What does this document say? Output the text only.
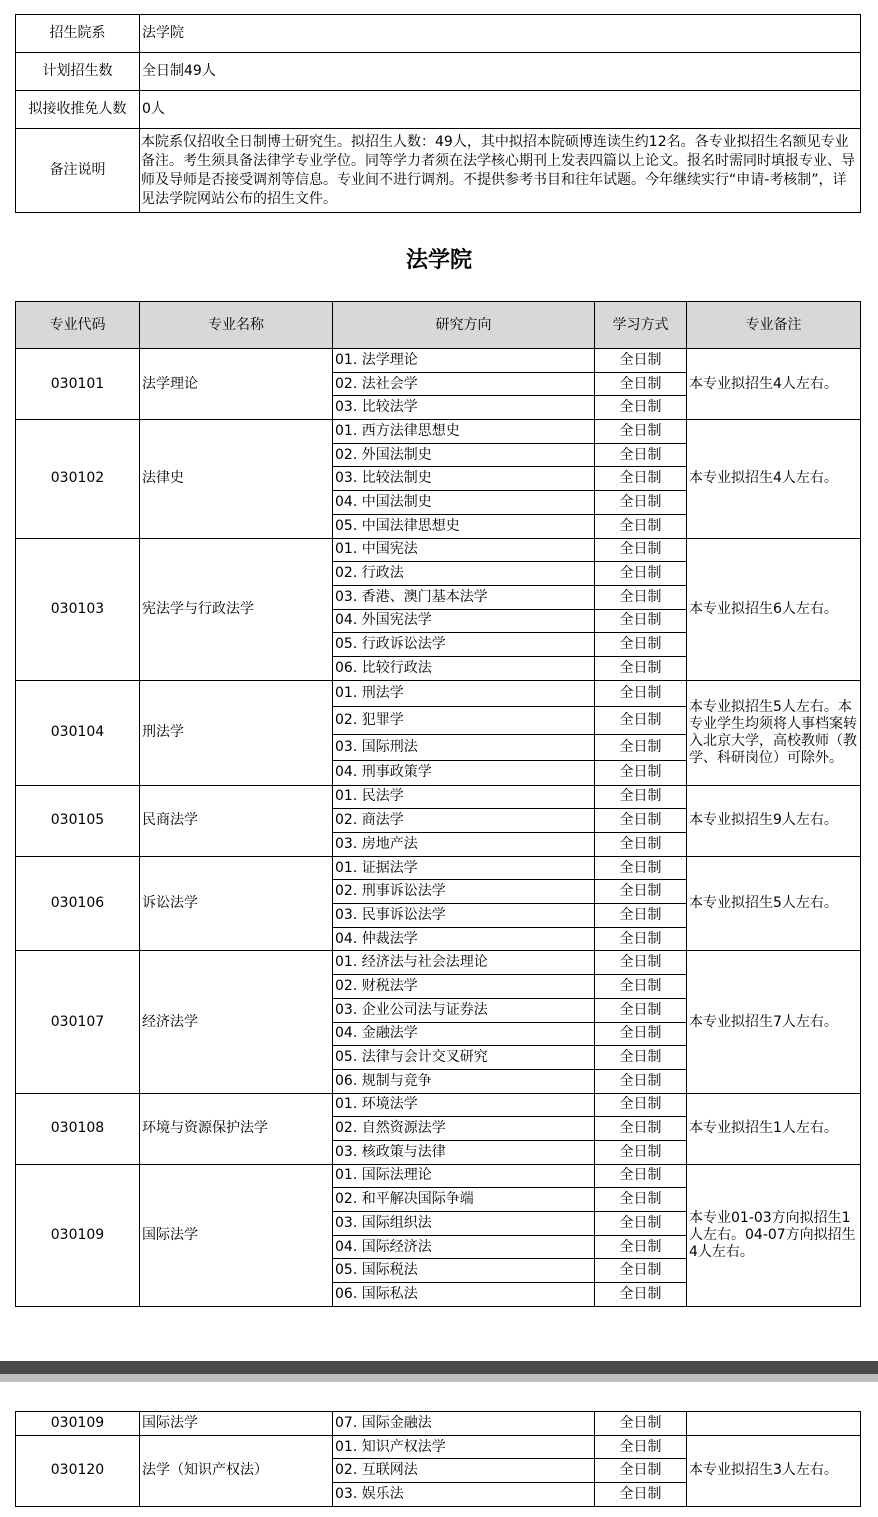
招生院系	法学院
计划招生数	全日制49人
拟接收推免人数	0人
备注说明	本院系仅招收全日制博士研究生。拟招生人数：49人，其中拟招本院硕博连读生约12名。各专业拟招生名额见专业备注。考生须具备法律学专业学位。同等学力者须在法学核心期刊上发表四篇以上论文。报名时需同时填报专业、导师及导师是否接受调剂等信息。专业间不进行调剂。不提供参考书目和往年试题。今年继续实行“申请-考核制”，详见法学院网站公布的招生文件。
法学院
专业代码	专业名称	研究方向	学习方式	专业备注
030101	法学理论	01. 法学理论	全日制	本专业拟招生4人左右。
		02. 法社会学	全日制	
		03. 比较法学	全日制	
030102	法律史	01. 西方法律思想史	全日制	本专业拟招生4人左右。
		02. 外国法制史	全日制	
		03. 比较法制史	全日制	
		04. 中国法制史	全日制	
		05. 中国法律思想史	全日制	
030103	宪法学与行政法学	01. 中国宪法	全日制	本专业拟招生6人左右。
		02. 行政法	全日制	
		03. 香港、澳门基本法学	全日制	
		04. 外国宪法学	全日制	
		05. 行政诉讼法学	全日制	
		06. 比较行政法	全日制	
030104	刑法学	01. 刑法学	全日制	本专业拟招生5人左右。本专业学生均须将人事档案转入北京大学，高校教师（教学、科研岗位）可除外。
		02. 犯罪学	全日制	
		03. 国际刑法	全日制	
		04. 刑事政策学	全日制	
030105	民商法学	01. 民法学	全日制	本专业拟招生9人左右。
		02. 商法学	全日制	
		03. 房地产法	全日制	
030106	诉讼法学	01. 证据法学	全日制	本专业拟招生5人左右。
		02. 刑事诉讼法学	全日制	
		03. 民事诉讼法学	全日制	
		04. 仲裁法学	全日制	
030107	经济法学	01. 经济法与社会法理论	全日制	本专业拟招生7人左右。
		02. 财税法学	全日制	
		03. 企业公司法与证券法	全日制	
		04. 金融法学	全日制	
		05. 法律与会计交叉研究	全日制	
		06. 规制与竞争	全日制	
030108	环境与资源保护法学	01. 环境法学	全日制	本专业拟招生1人左右。
		02. 自然资源法学	全日制	
		03. 核政策与法律	全日制	
030109	国际法学	01. 国际法理论	全日制	本专业01-03方向拟招生1人左右。04-07方向拟招生4人左右。
		02. 和平解决国际争端	全日制	
		03. 国际组织法	全日制	
		04. 国际经济法	全日制	
		05. 国际税法	全日制	
		06. 国际私法	全日制	
030109	国际法学	07. 国际金融法	全日制	
030120	法学（知识产权法）	01. 知识产权法学	全日制	本专业拟招生3人左右。
		02. 互联网法	全日制	
		03. 娱乐法	全日制	
